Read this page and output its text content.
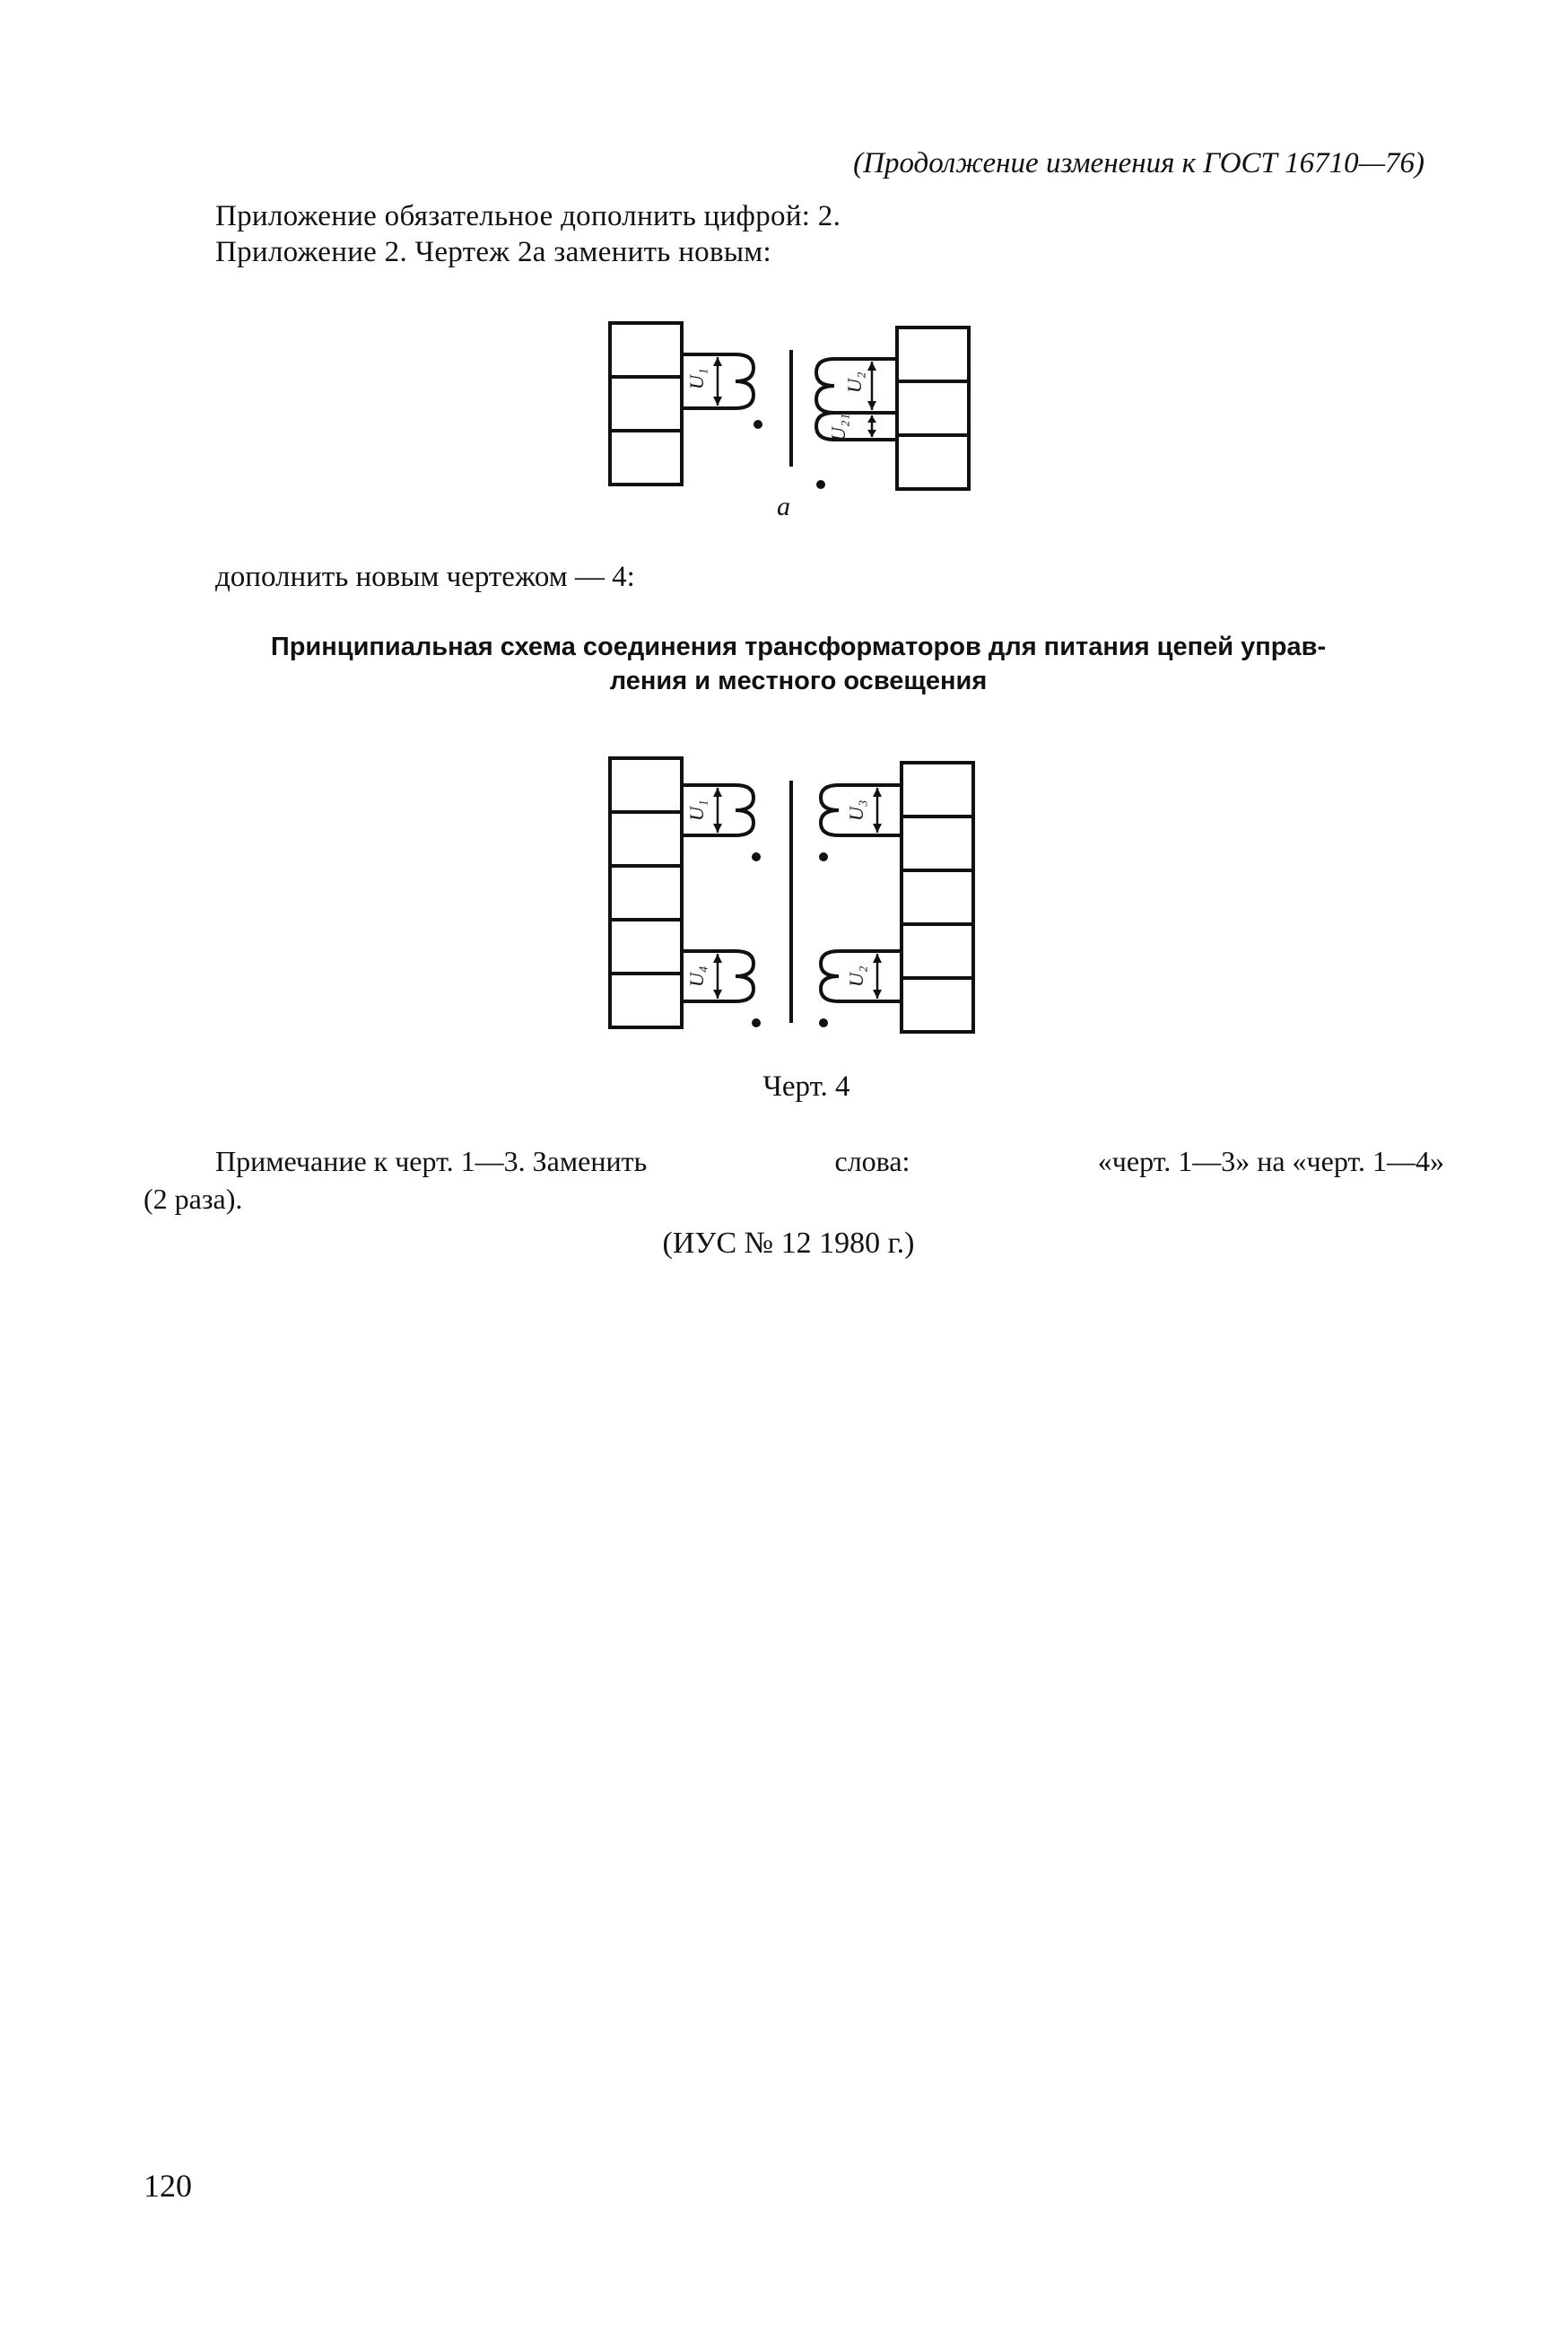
(Продолжение изменения к ГОСТ 16710—76)
Приложение обязательное дополнить цифрой: 2.
Приложение 2. Чертеж 2а заменить новым:
U₁	U₂
U₂₁
а
дополнить новым чертежом — 4:
Принципиальная схема соединения трансформаторов для питания цепей управ-
ления и местного освещения
U₁	U₃
U₄	U₂
Черт. 4
Примечание к черт. 1—3. Заменить	слова:	«черт. 1—3» на «черт. 1—4»
(2 раза).
(ИУС № 12 1980 г.)
120
